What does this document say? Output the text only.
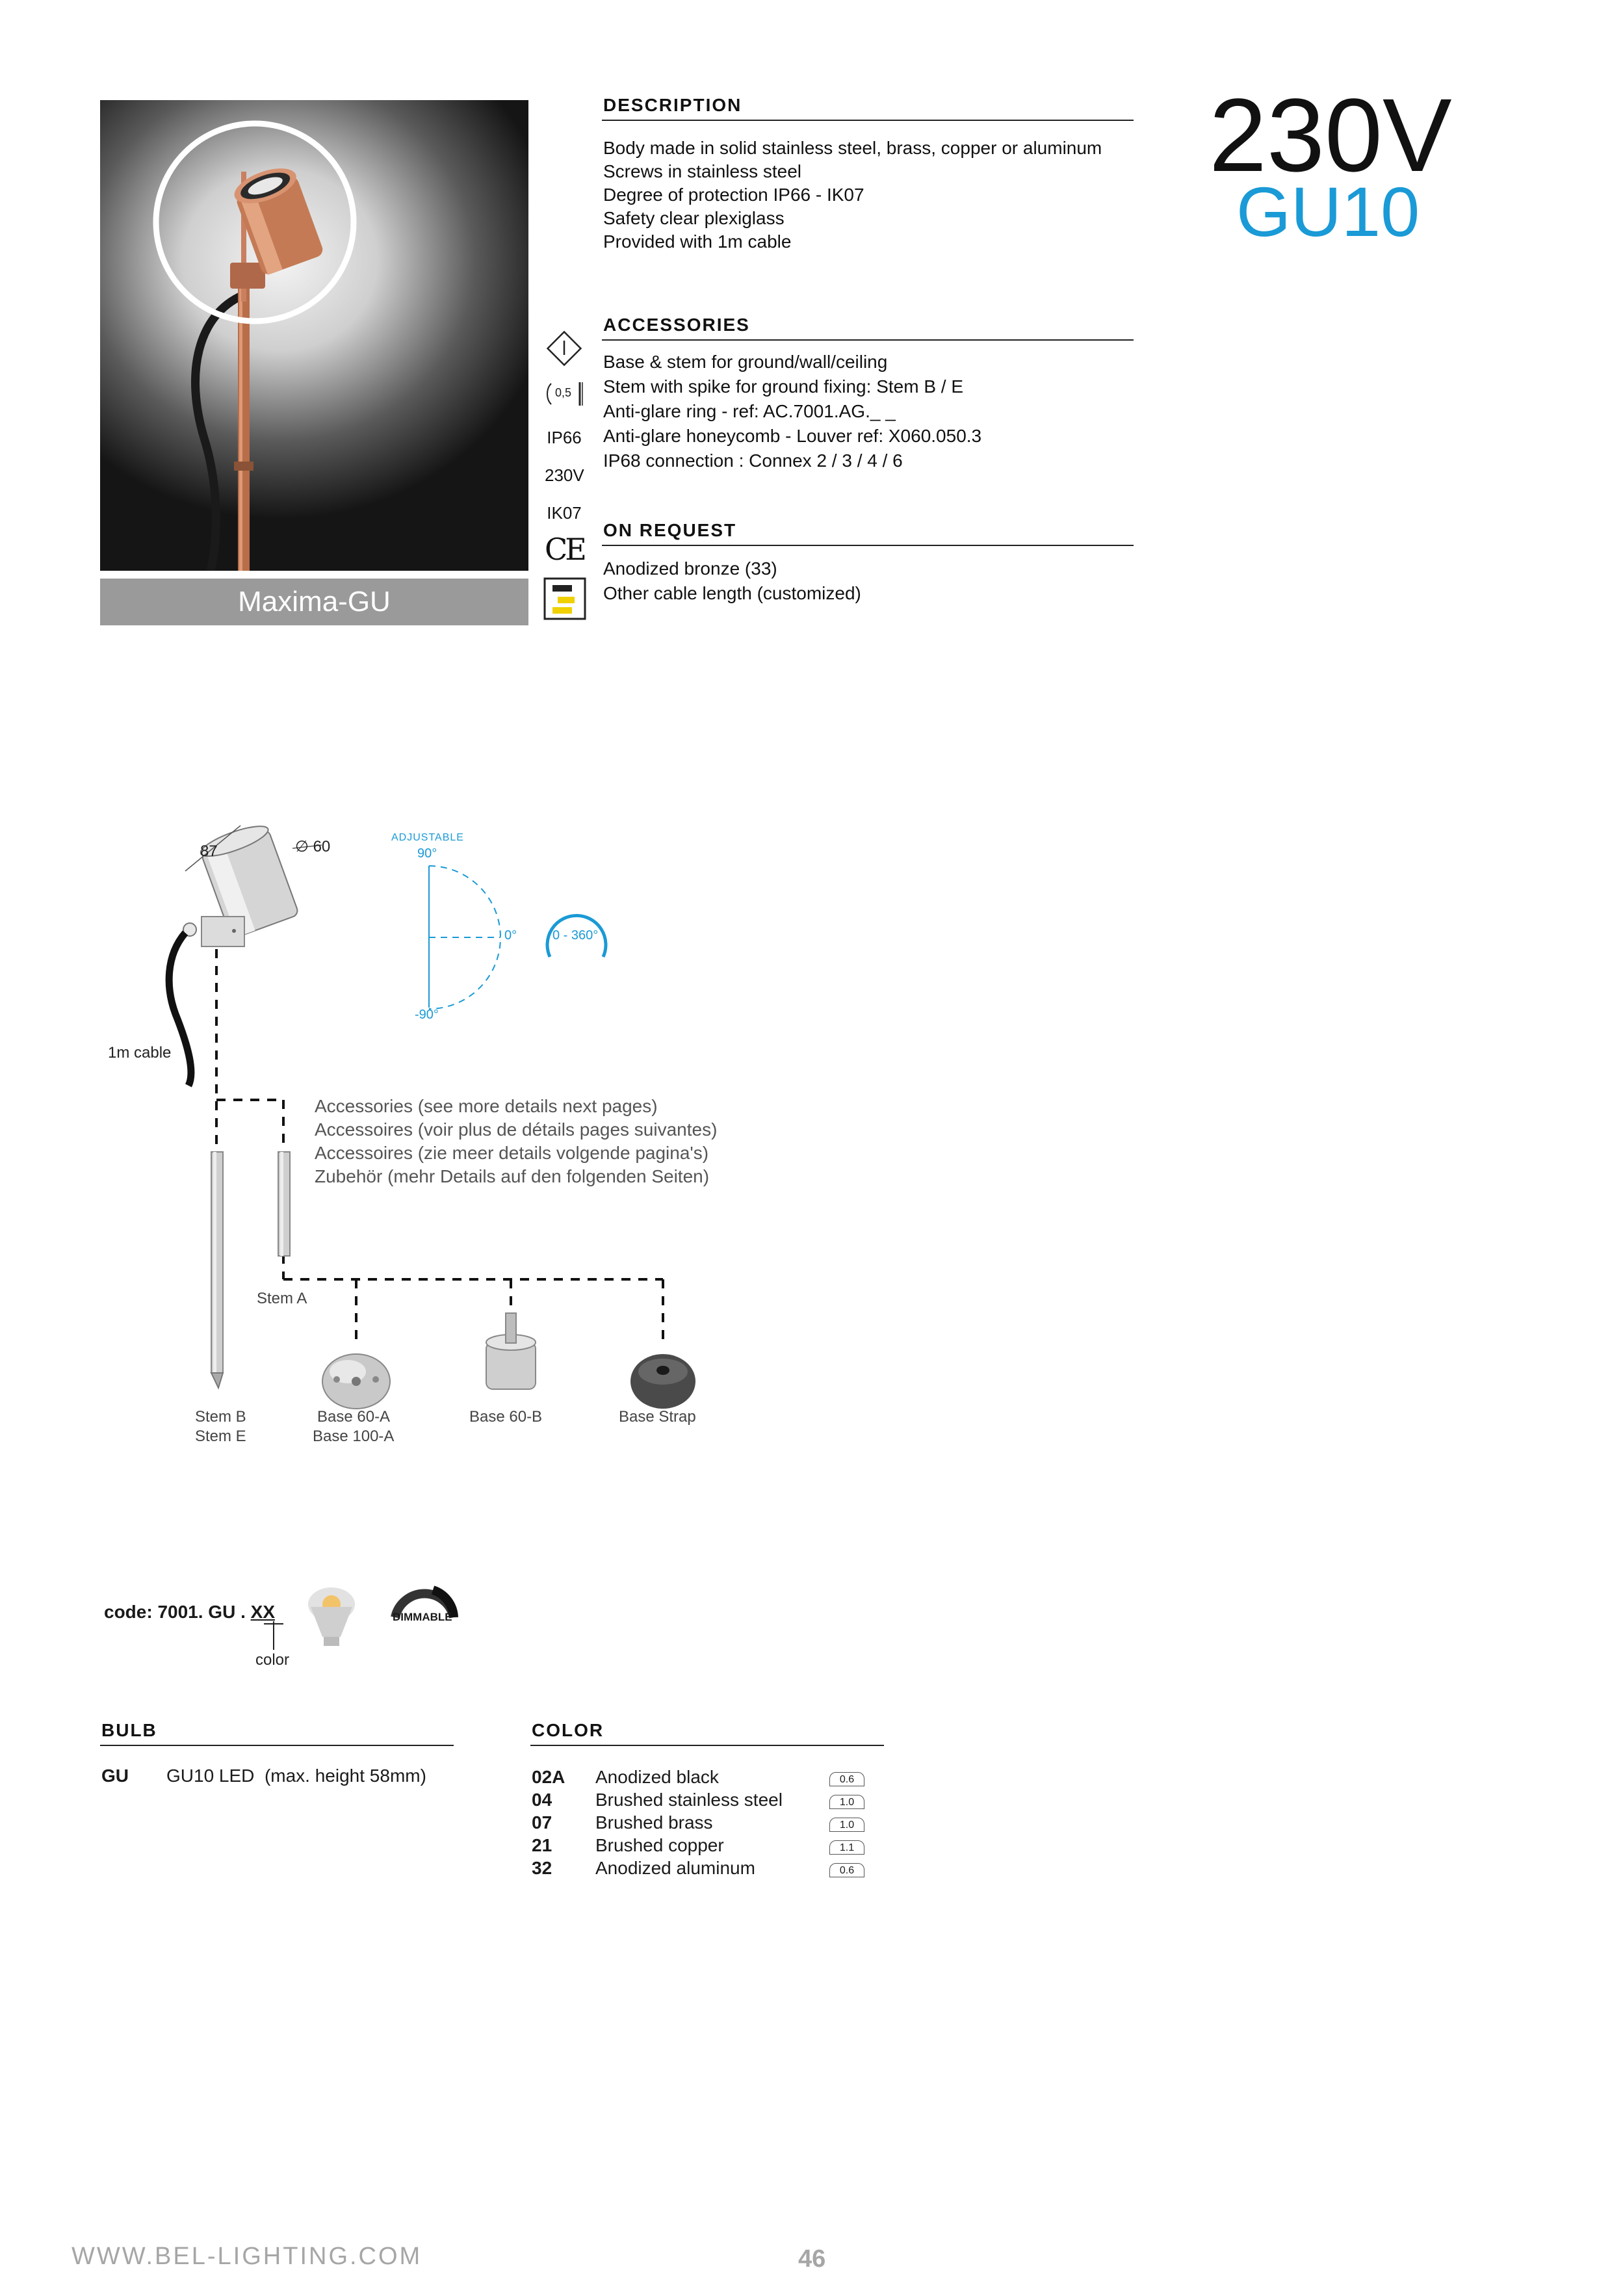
Maxima-GU
0,5
IP66
230V
IK07
CE
DESCRIPTION
Body made in solid stainless steel, brass, copper or aluminum
Screws in stainless steel
Degree of protection IP66 - IK07
Safety clear plexiglass
Provided with 1m cable
ACCESSORIES
Base & stem for ground/wall/ceiling
Stem with spike for ground fixing: Stem B / E
Anti-glare ring - ref: AC.7001.AG._ _
Anti-glare honeycomb - Louver ref: X060.050.3
IP68 connection : Connex 2 / 3 / 4 / 6
ON REQUEST
Anodized bronze (33)
Other cable length (customized)
230V
GU10
87	∅ 60
1m cable
ADJUSTABLE
90°
0°
-90°
0 - 360°
Accessories (see more details next pages)
Accessoires (voir plus de détails pages suivantes)
Accessoires (zie meer details volgende pagina's)
Zubehör (mehr Details auf den folgenden Seiten)
Stem A
Stem B
Stem E
Base 60-A
Base 100-A
Base 60-B	Base Strap
code: 7001. GU . XX
color
DIMMABLE
BULB
GU GU10 LED  (max. height 58mm)
COLOR
02A Anodized black	0.6
04 Brushed stainless steel	1.0
07 Brushed brass	1.0
21 Brushed copper	1.1
32 Anodized aluminum	0.6
WWW.BEL-LIGHTING.COM	46
